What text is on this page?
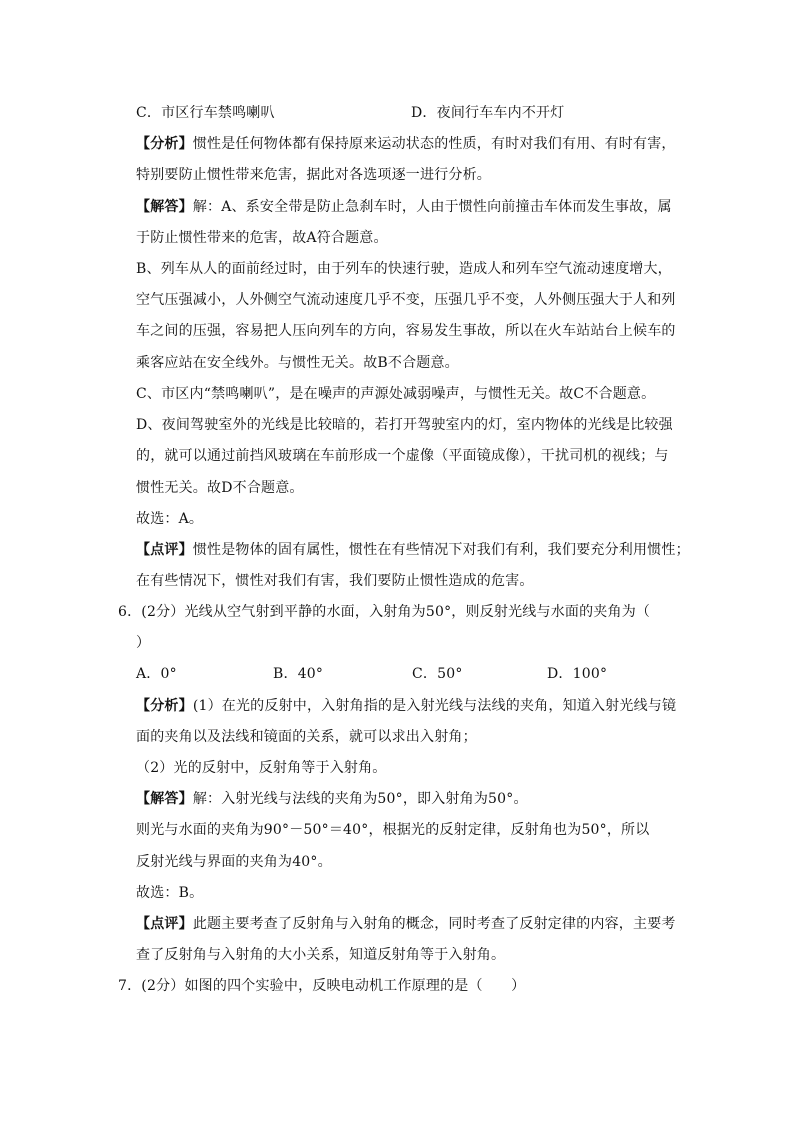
C．市区行车禁鸣喇叭	D．夜间行车车内不开灯
【分析】惯性是任何物体都有保持原来运动状态的性质，有时对我们有用、有时有害，
特别要防止惯性带来危害，据此对各选项逐一进行分析。
【解答】解：A、系安全带是防止急刹车时，人由于惯性向前撞击车体而发生事故，属
于防止惯性带来的危害，故A符合题意。
B、列车从人的面前经过时，由于列车的快速行驶，造成人和列车空气流动速度增大，
空气压强减小，人外侧空气流动速度几乎不变，压强几乎不变，人外侧压强大于人和列
车之间的压强，容易把人压向列车的方向，容易发生事故，所以在火车站站台上候车的
乘客应站在安全线外。与惯性无关。故B不合题意。
C、市区内“禁鸣喇叭”，是在噪声的声源处减弱噪声，与惯性无关。故C不合题意。
D、夜间驾驶室外的光线是比较暗的，若打开驾驶室内的灯，室内物体的光线是比较强
的，就可以通过前挡风玻璃在车前形成一个虚像（平面镜成像），干扰司机的视线；与
惯性无关。故D不合题意。
故选：A。
【点评】惯性是物体的固有属性，惯性在有些情况下对我们有利，我们要充分利用惯性；
在有些情况下，惯性对我们有害，我们要防止惯性造成的危害。
6．(2分）光线从空气射到平静的水面，入射角为50°，则反射光线与水面的夹角为（
）
A．0°	B．40°	C．50°	D．100°
【分析】(1）在光的反射中，入射角指的是入射光线与法线的夹角，知道入射光线与镜
面的夹角以及法线和镜面的关系，就可以求出入射角；
（2）光的反射中，反射角等于入射角。
【解答】解：入射光线与法线的夹角为50°，即入射角为50°。
则光与水面的夹角为90°－50°＝40°，根据光的反射定律，反射角也为50°，所以
反射光线与界面的夹角为40°。
故选：B。
【点评】此题主要考查了反射角与入射角的概念，同时考查了反射定律的内容，主要考
查了反射角与入射角的大小关系，知道反射角等于入射角。
7．(2分）如图的四个实验中，反映电动机工作原理的是（　　）
